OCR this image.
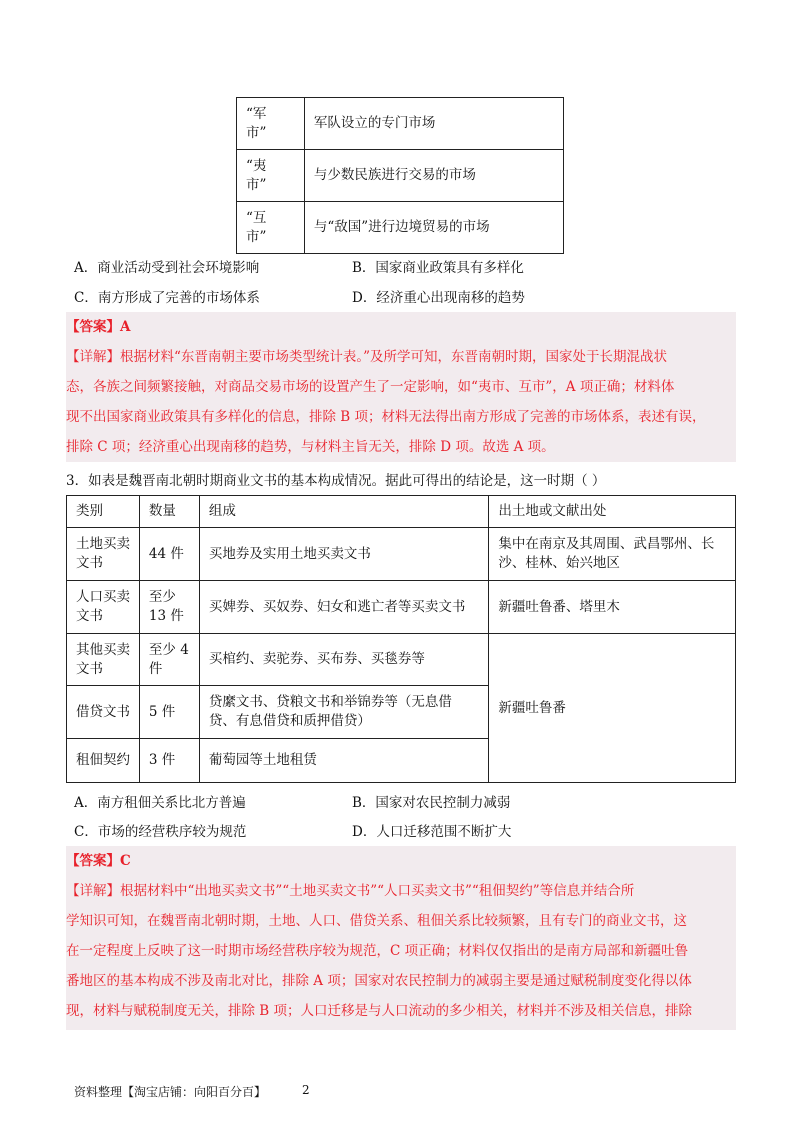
“军
市”	军队设立的专门市场
“夷
市”	与少数民族进行交易的市场
“互
市”	与“敌国”进行边境贸易的市场
A．商业活动受到社会环境影响	B．国家商业政策具有多样化
C．南方形成了完善的市场体系	D．经济重心出现南移的趋势
【答案】A
【详解】根据材料“东晋南朝主要市场类型统计表。”及所学可知，东晋南朝时期，国家处于长期混战状
态，各族之间频繁接触，对商品交易市场的设置产生了一定影响，如“夷市、互市”，A 项正确；材料体
现不出国家商业政策具有多样化的信息，排除 B 项；材料无法得出南方形成了完善的市场体系，表述有误，
排除 C 项；经济重心出现南移的趋势，与材料主旨无关，排除 D 项。故选 A 项。
3．如表是魏晋南北朝时期商业文书的基本构成情况。据此可得出的结论是，这一时期（ ）
类别	数量	组成	出土地或文献出处
土地买卖
文书	44 件	买地券及实用土地买卖文书	集中在南京及其周围、武昌鄂州、长
沙、桂林、始兴地区
人口买卖
文书	至少
13 件	买婢券、买奴券、妇女和逃亡者等买卖文书	新疆吐鲁番、塔里木
其他买卖
文书	至少 4
件	买棺约、卖驼券、买布券、买毯券等	新疆吐鲁番
借贷文书	5 件	贷縻文书、贷粮文书和举锦券等（无息借
贷、有息借贷和质押借贷）	
租佃契约	3 件	葡萄园等土地租赁	
A．南方租佃关系比北方普遍	B．国家对农民控制力减弱
C．市场的经营秩序较为规范	D．人口迁移范围不断扩大
【答案】C
【详解】根据材料中“出地买卖文书”“土地买卖文书”“人口买卖文书”“租佃契约”等信息并结合所
学知识可知，在魏晋南北朝时期，土地、人口、借贷关系、租佃关系比较频繁，且有专门的商业文书，这
在一定程度上反映了这一时期市场经营秩序较为规范，C 项正确；材料仅仅指出的是南方局部和新疆吐鲁
番地区的基本构成不涉及南北对比，排除 A 项；国家对农民控制力的减弱主要是通过赋税制度变化得以体
现，材料与赋税制度无关，排除 B 项；人口迁移是与人口流动的多少相关，材料并不涉及相关信息，排除
资料整理【淘宝店铺：向阳百分百】	2
